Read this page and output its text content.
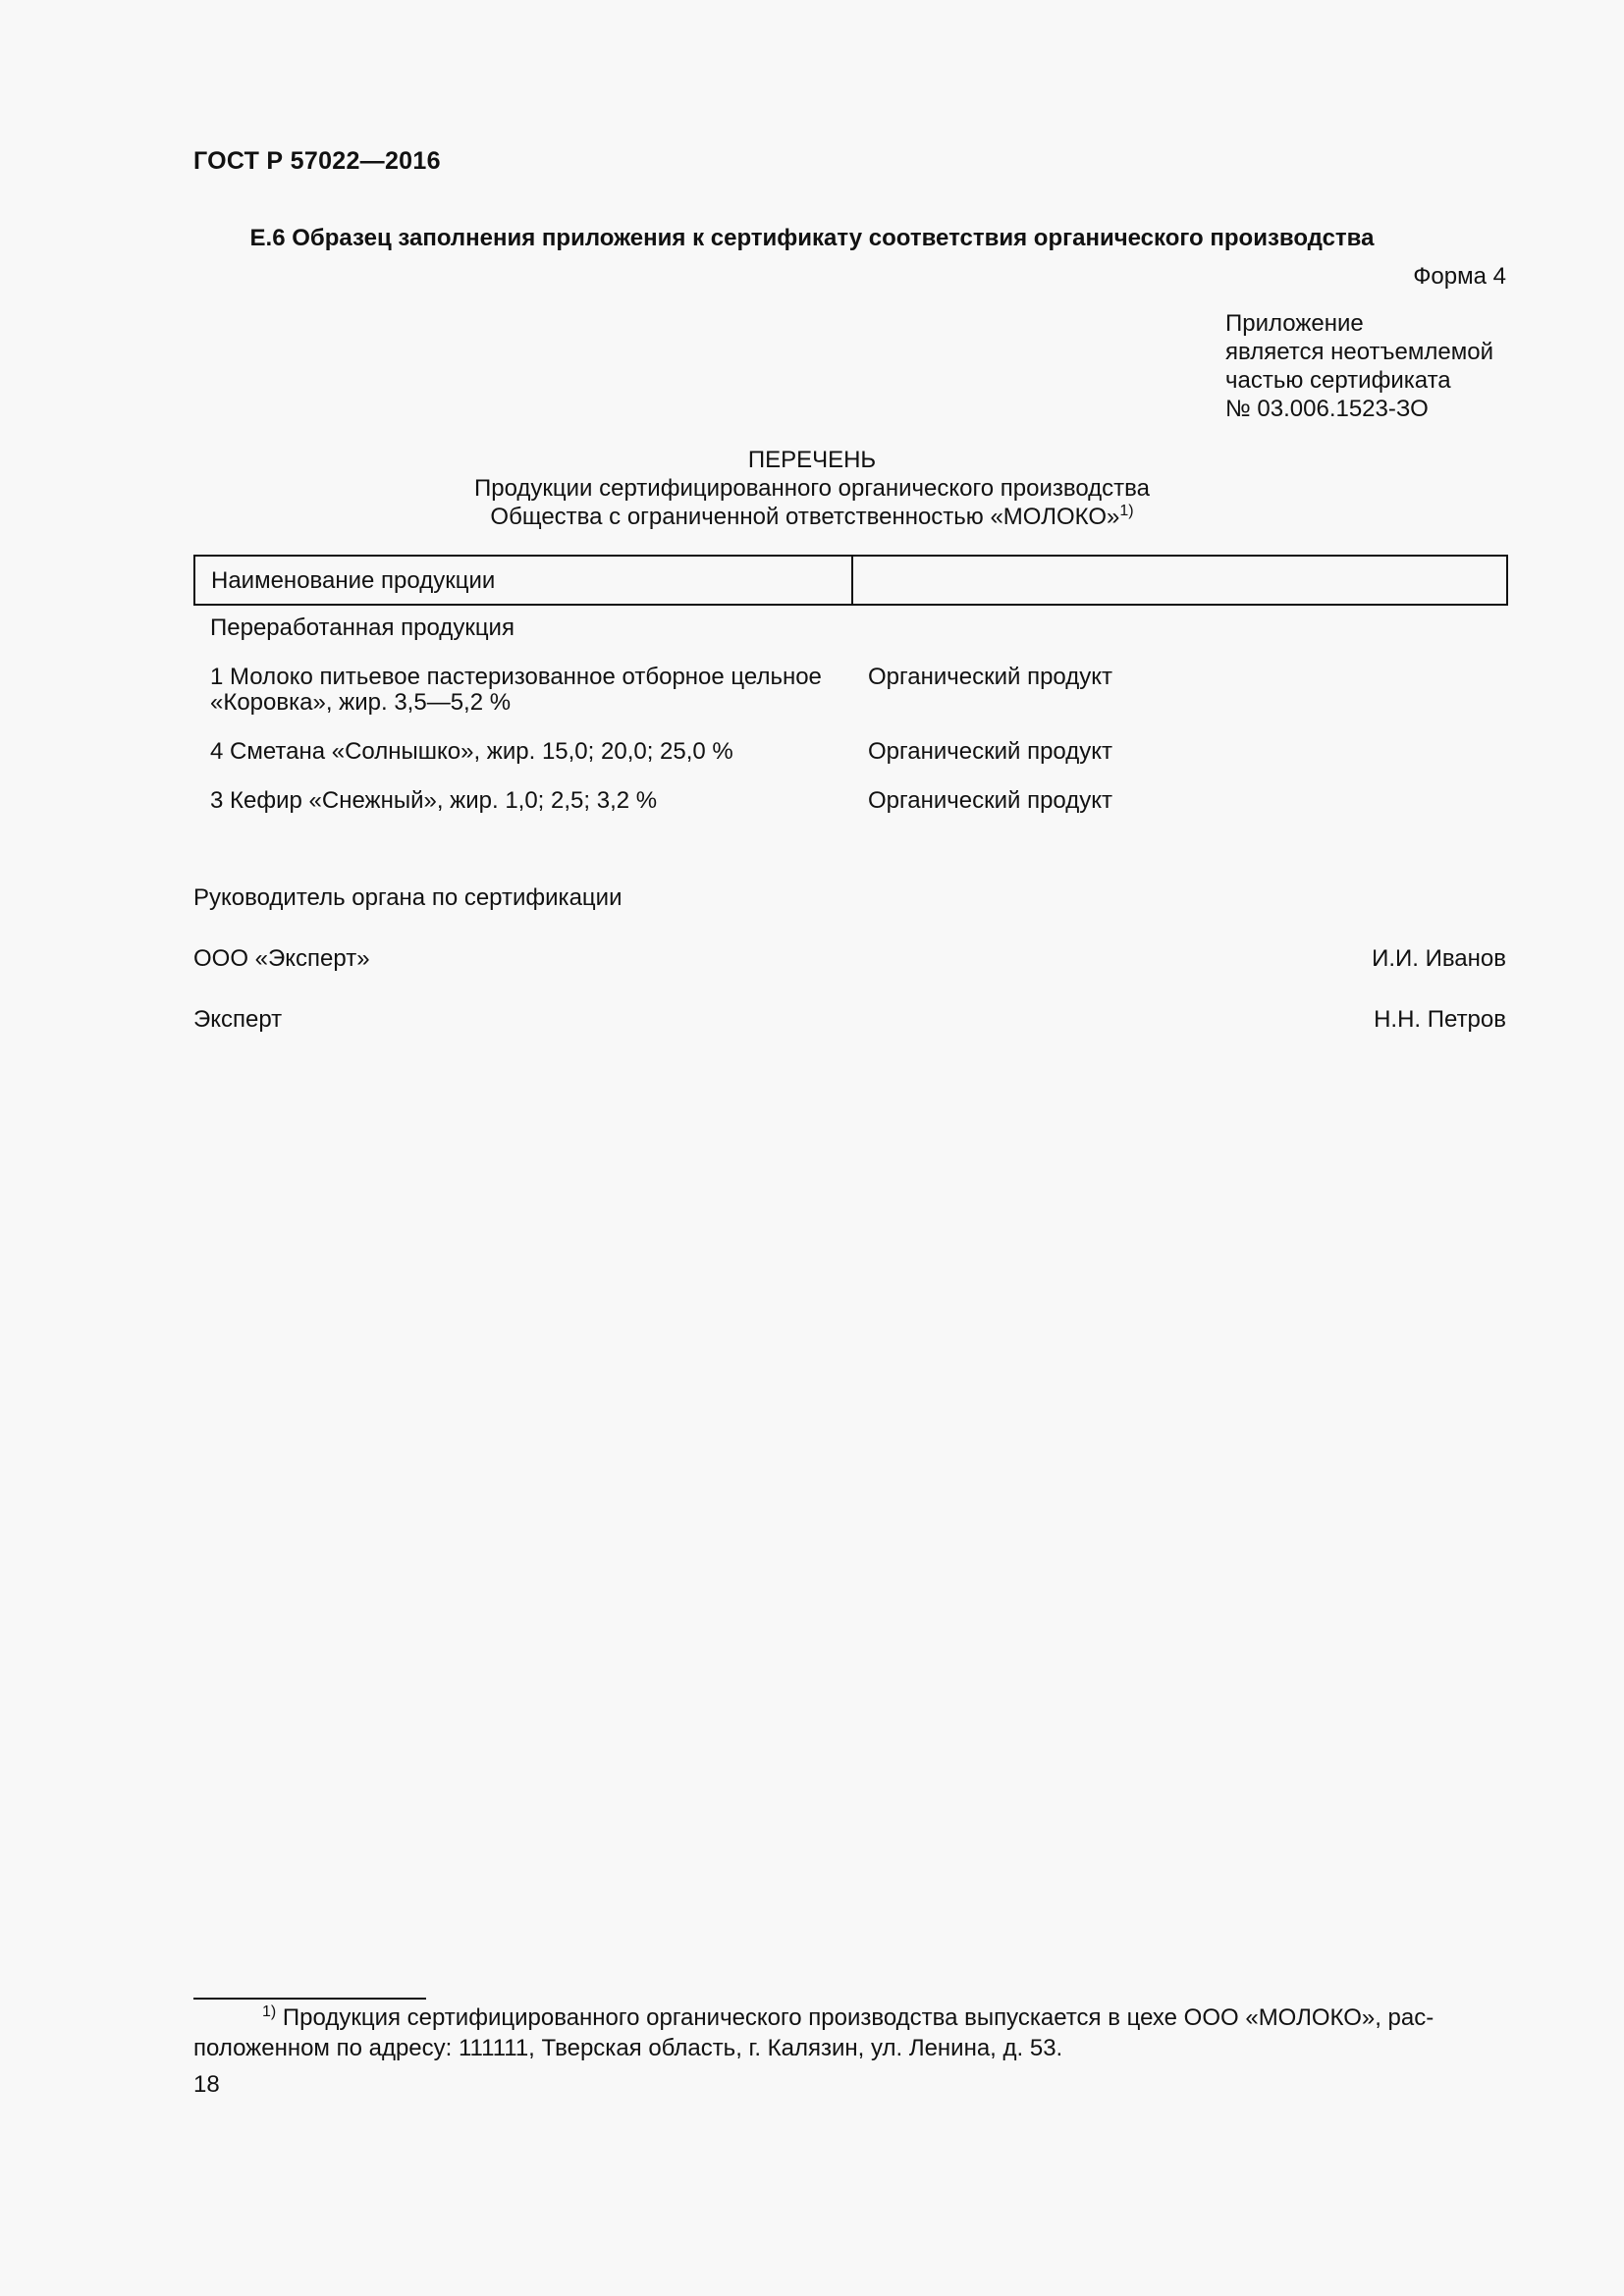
ГОСТ Р 57022—2016
Е.6 Образец заполнения приложения к сертификату соответствия органического производства
Форма 4
Приложение
является неотъемлемой
частью сертификата
№ 03.006.1523-ЗО
ПЕРЕЧЕНЬ
Продукции сертифицированного органического производства
Общества с ограниченной ответственностью «МОЛОКО»$^{1)}$
Наименование продукции	
Переработанная продукция	

1 Молоко питьевое пастеризованное отборное цельное
«Коровка», жир. 3,5—5,2 %	Органический продукт
4 Сметана «Солнышко», жир. 15,0; 20,0; 25,0 %	Органический продукт
3 Кефир «Снежный», жир. 1,0; 2,5; 3,2 %	Органический продукт
Руководитель органа по сертификации
ООО «Эксперт»	И.И. Иванов
Эксперт	Н.Н. Петров
$^{1)}$ Продукция сертифицированного органического производства выпускается в цехе ООО «МОЛОКО», рас-
положенном по адресу: 111111, Тверская область, г. Калязин, ул. Ленина, д. 53.
18
